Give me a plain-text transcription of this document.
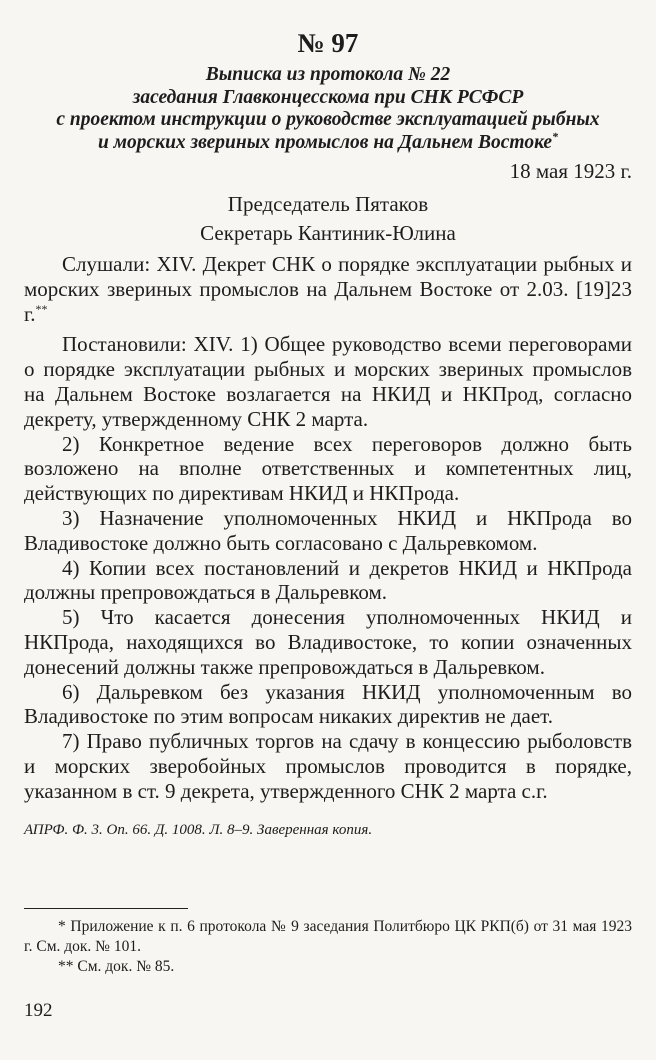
№ 97
Выписка из протокола № 22
заседания Главконцесскома при СНК РСФСР
с проектом инструкции о руководстве эксплуатацией рыбных
и морских звериных промыслов на Дальнем Востоке*
18 мая 1923 г.
Председатель Пятаков
Секретарь Кантиник-Юлина

Слушали: XIV. Декрет СНК о порядке эксплуатации рыбных и морских звериных промыслов на Дальнем Востоке от 2.03. [19]23 г.**

Постановили: XIV. 1) Общее руководство всеми переговорами о порядке эксплуатации рыбных и морских звериных промыслов на Дальнем Востоке возлагается на НКИД и НКПрод, согласно декрету, утвержденному СНК 2 марта.

2) Конкретное ведение всех переговоров должно быть возложено на вполне ответственных и компетентных лиц, действующих по директивам НКИД и НКПрода.

3) Назначение уполномоченных НКИД и НКПрода во Владивостоке должно быть согласовано с Дальревкомом.

4) Копии всех постановлений и декретов НКИД и НКПрода должны препровождаться в Дальревком.

5) Что касается донесения уполномоченных НКИД и НКПрода, находящихся во Владивостоке, то копии означенных донесений должны также препровождаться в Дальревком.

6) Дальревком без указания НКИД уполномоченным во Владивостоке по этим вопросам никаких директив не дает.

7) Право публичных торгов на сдачу в концессию рыболовств и морских зверобойных промыслов проводится в порядке, указанном в ст. 9 декрета, утвержденного СНК 2 марта с.г.

АПРФ. Ф. 3. Оп. 66. Д. 1008. Л. 8–9. Заверенная копия.

* Приложение к п. 6 протокола № 9 заседания Политбюро ЦК РКП(б) от 31 мая 1923 г. См. док. № 101.

** См. док. № 85.

192
